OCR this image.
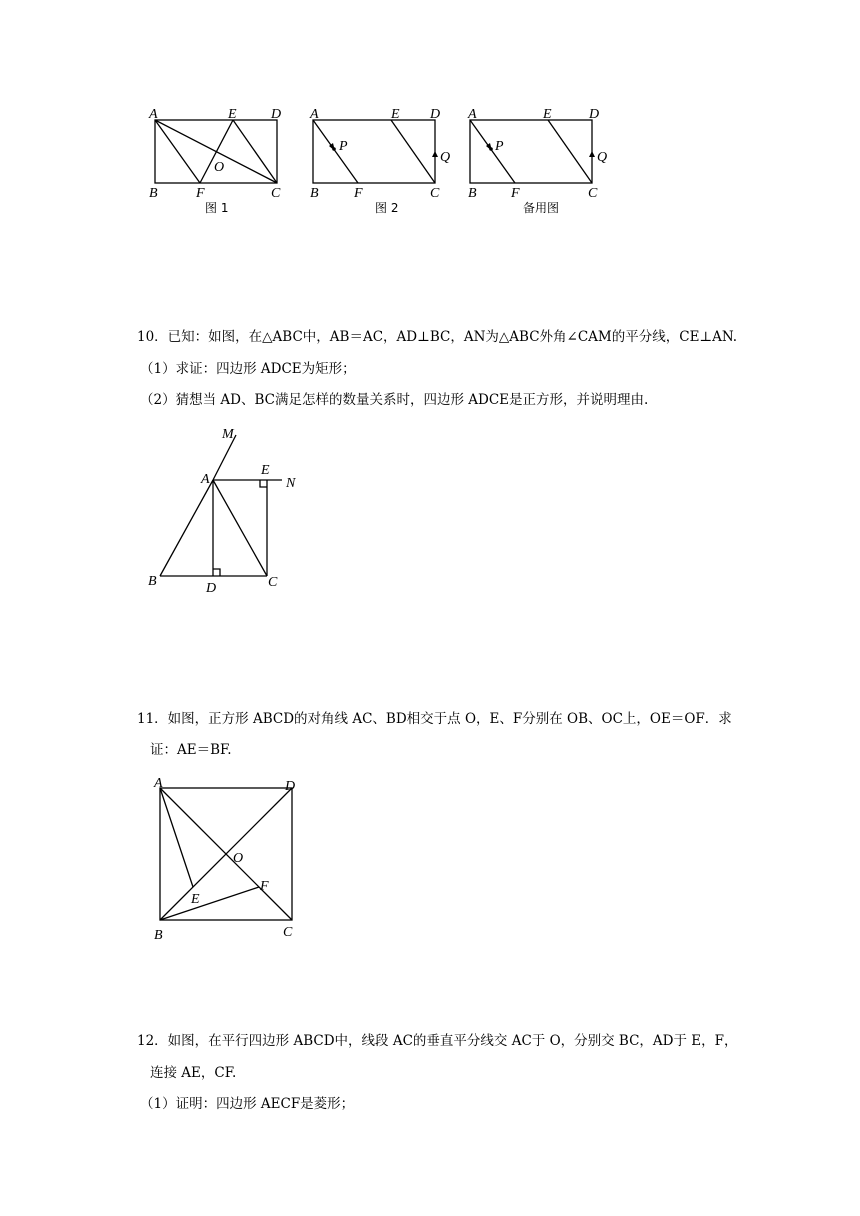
A	E D
O
B	F	C
图 1
A
P
E D
Q
B	F	C
图 2
A
P
E	D
Q
B F	C
备用图
10．已知：如图，在△ABC中，AB＝AC，AD⊥BC，AN为△ABC外角∠CAM的平分线，CE⊥AN.
（1）求证：四边形 ADCE为矩形；
（2）猜想当 AD、BC满足怎样的数量关系时，四边形 ADCE是正方形，并说明理由.
M
A
E
N
B	D	C
11．如图，正方形 ABCD的对角线 AC、BD相交于点 O，E、F分别在 OB、OC上，OE＝OF．求
证：AE＝BF.
A	D
O
E
F
B	C
12．如图，在平行四边形 ABCD中，线段 AC的垂直平分线交 AC于 O，分别交 BC，AD于 E，F，
连接 AE，CF.
（1）证明：四边形 AECF是菱形；
